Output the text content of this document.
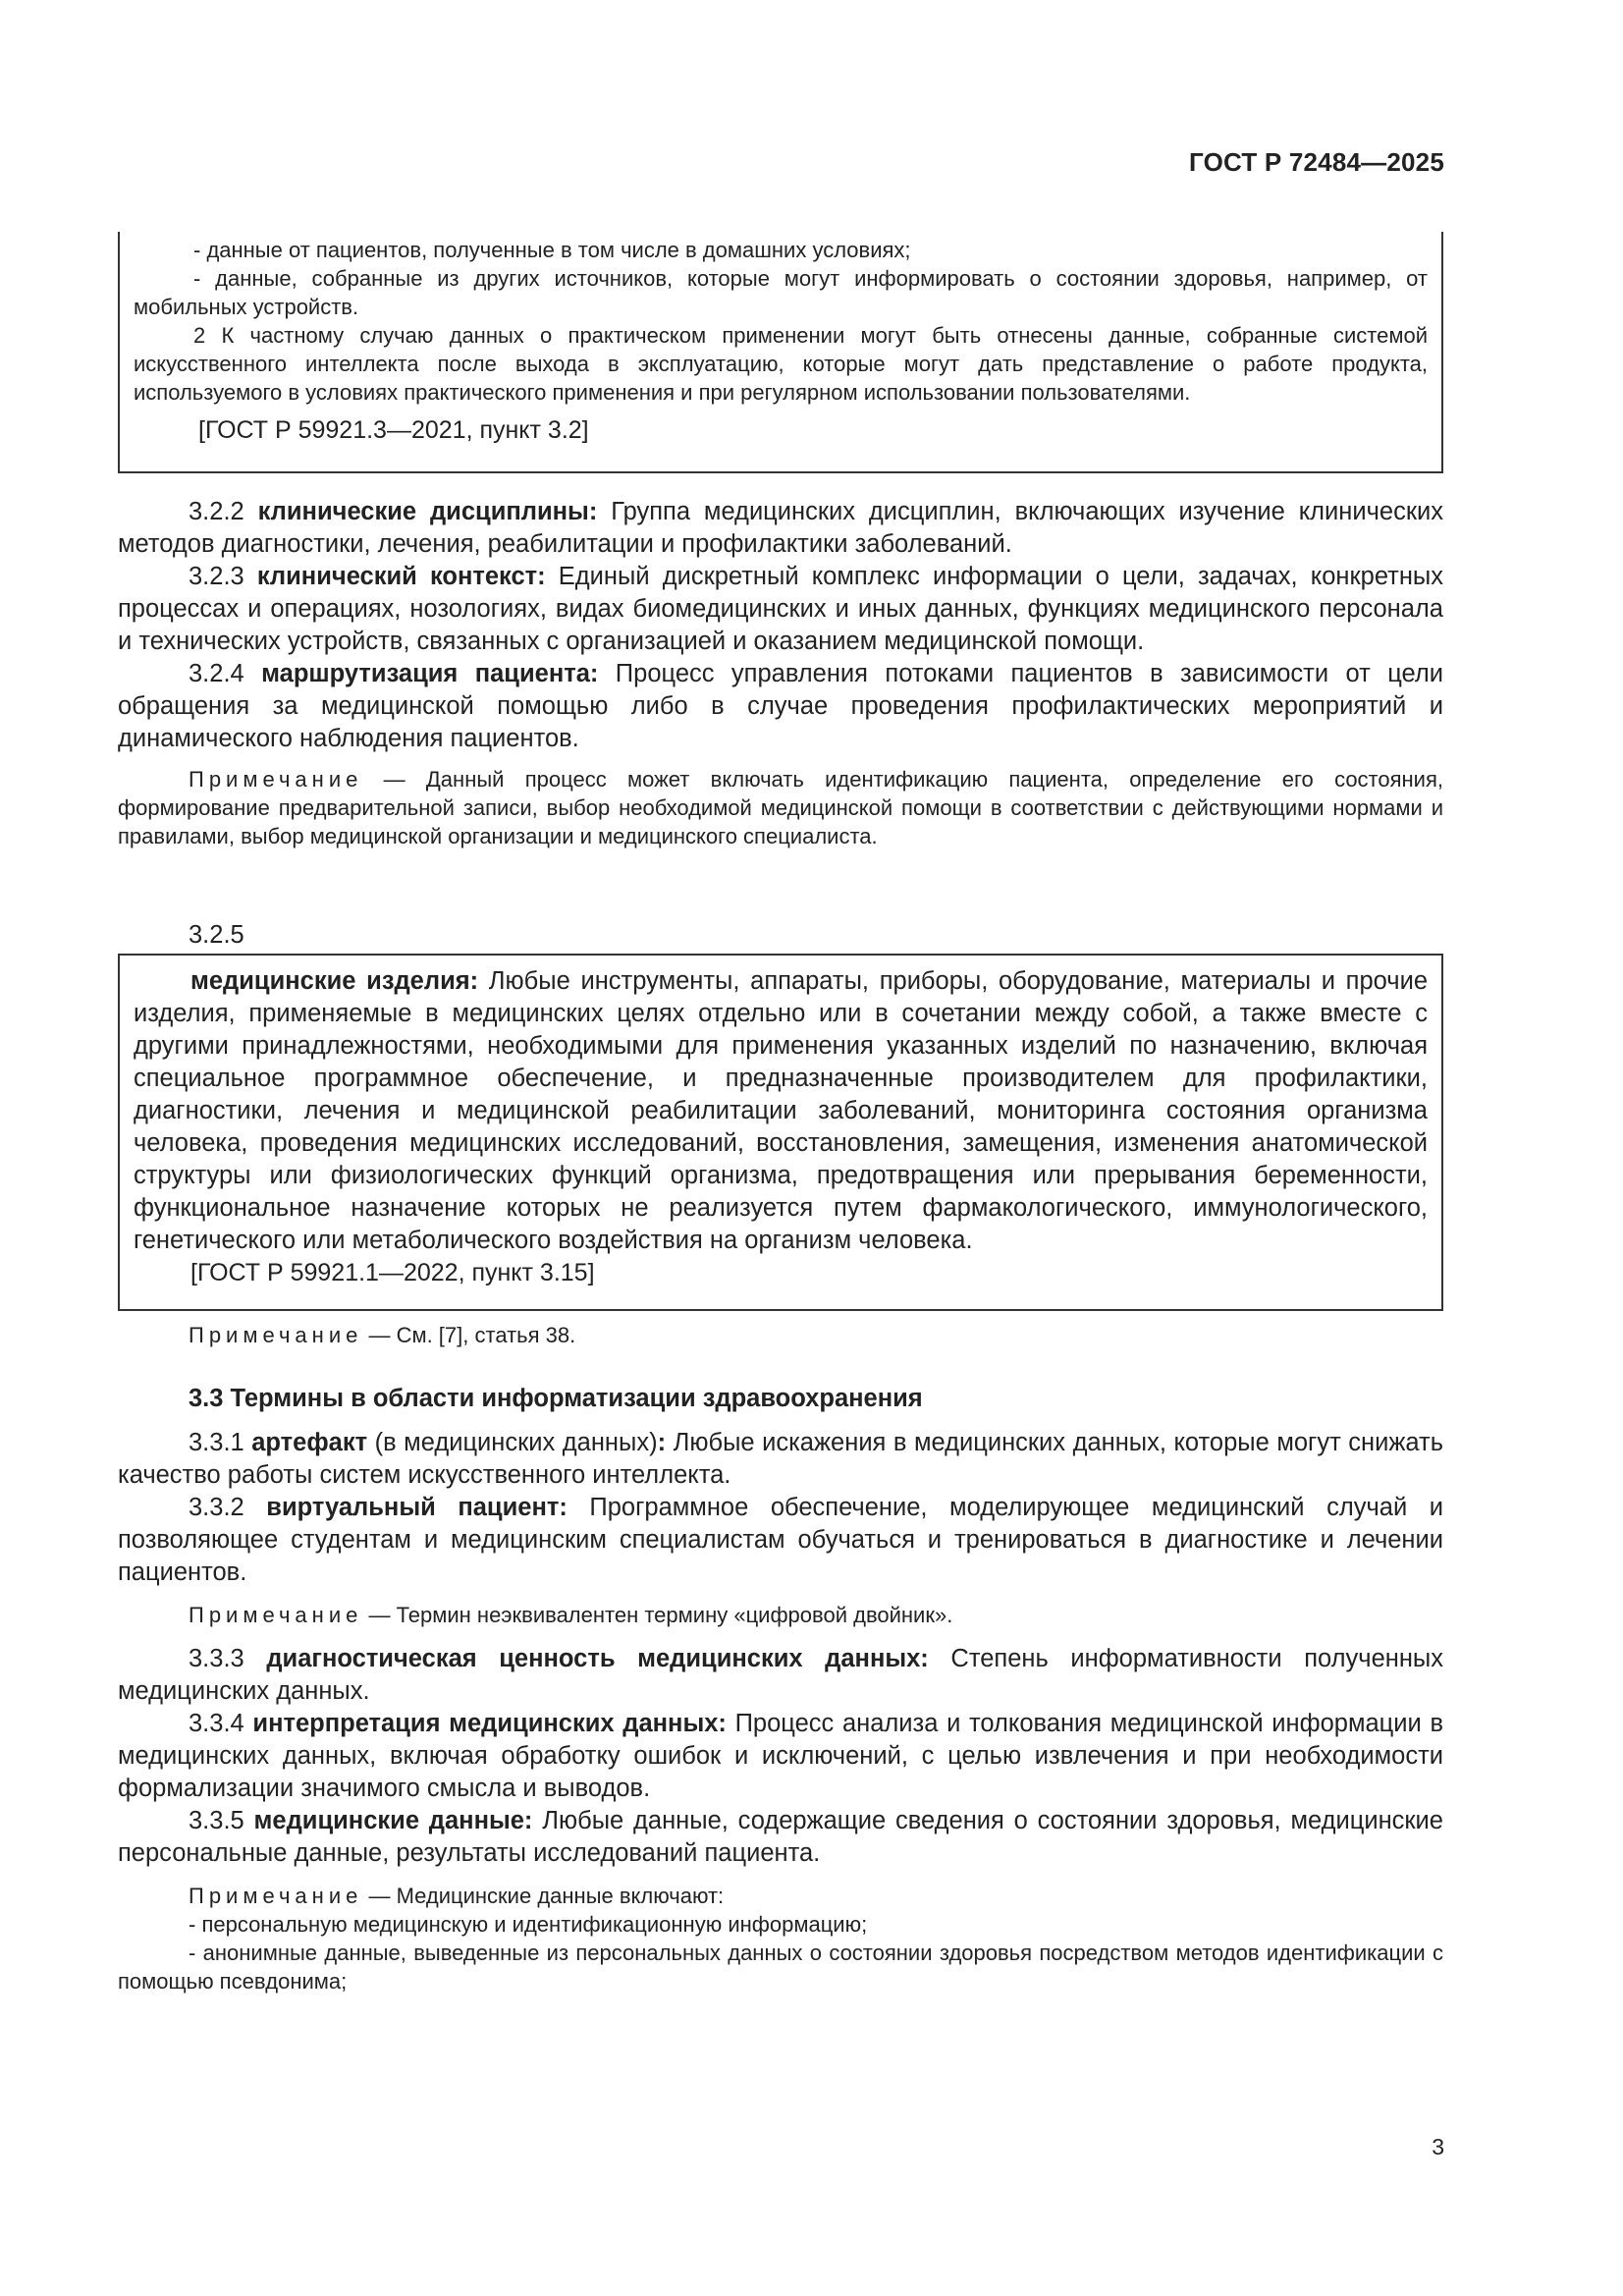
ГОСТ Р 72484—2025

- данные от пациентов, полученные в том числе в домашних условиях;

- данные, собранные из других источников, которые могут информировать о состоянии здоровья, например, от мобильных устройств.

2 К частному случаю данных о практическом применении могут быть отнесены данные, собранные системой искусственного интеллекта после выхода в эксплуатацию, которые могут дать представление о работе продукта, используемого в условиях практического применения и при регулярном использовании пользователями.

[ГОСТ Р 59921.3—2021, пункт 3.2]

3.2.2 клинические дисциплины: Группа медицинских дисциплин, включающих изучение клинических методов диагностики, лечения, реабилитации и профилактики заболеваний.

3.2.3 клинический контекст: Единый дискретный комплекс информации о цели, задачах, конкретных процессах и операциях, нозологиях, видах биомедицинских и иных данных, функциях медицинского персонала и технических устройств, связанных с организацией и оказанием медицинской помощи.

3.2.4 маршрутизация пациента: Процесс управления потоками пациентов в зависимости от цели обращения за медицинской помощью либо в случае проведения профилактических мероприятий и динамического наблюдения пациентов.

Примечание — Данный процесс может включать идентификацию пациента, определение его состояния, формирование предварительной записи, выбор необходимой медицинской помощи в соответствии с действующими нормами и правилами, выбор медицинской организации и медицинского специалиста.

3.2.5

медицинские изделия: Любые инструменты, аппараты, приборы, оборудование, материалы и прочие изделия, применяемые в медицинских целях отдельно или в сочетании между собой, а также вместе с другими принадлежностями, необходимыми для применения указанных изделий по назначению, включая специальное программное обеспечение, и предназначенные производителем для профилактики, диагностики, лечения и медицинской реабилитации заболеваний, мониторинга состояния организма человека, проведения медицинских исследований, восстановления, замещения, изменения анатомической структуры или физиологических функций организма, предотвращения или прерывания беременности, функциональное назначение которых не реализуется путем фармакологического, иммунологического, генетического или метаболического воздействия на организм человека.

[ГОСТ Р 59921.1—2022, пункт 3.15]

Примечание — См. [7], статья 38.

3.3 Термины в области информатизации здравоохранения

3.3.1 артефакт (в медицинских данных): Любые искажения в медицинских данных, которые могут снижать качество работы систем искусственного интеллекта.

3.3.2 виртуальный пациент: Программное обеспечение, моделирующее медицинский случай и позволяющее студентам и медицинским специалистам обучаться и тренироваться в диагностике и лечении пациентов.

Примечание — Термин неэквивалентен термину «цифровой двойник».

3.3.3 диагностическая ценность медицинских данных: Степень информативности полученных медицинских данных.

3.3.4 интерпретация медицинских данных: Процесс анализа и толкования медицинской информации в медицинских данных, включая обработку ошибок и исключений, с целью извлечения и при необходимости формализации значимого смысла и выводов.

3.3.5 медицинские данные: Любые данные, содержащие сведения о состоянии здоровья, медицинские персональные данные, результаты исследований пациента.

Примечание — Медицинские данные включают:

- персональную медицинскую и идентификационную информацию;

- анонимные данные, выведенные из персональных данных о состоянии здоровья посредством методов идентификации с помощью псевдонима;

3
